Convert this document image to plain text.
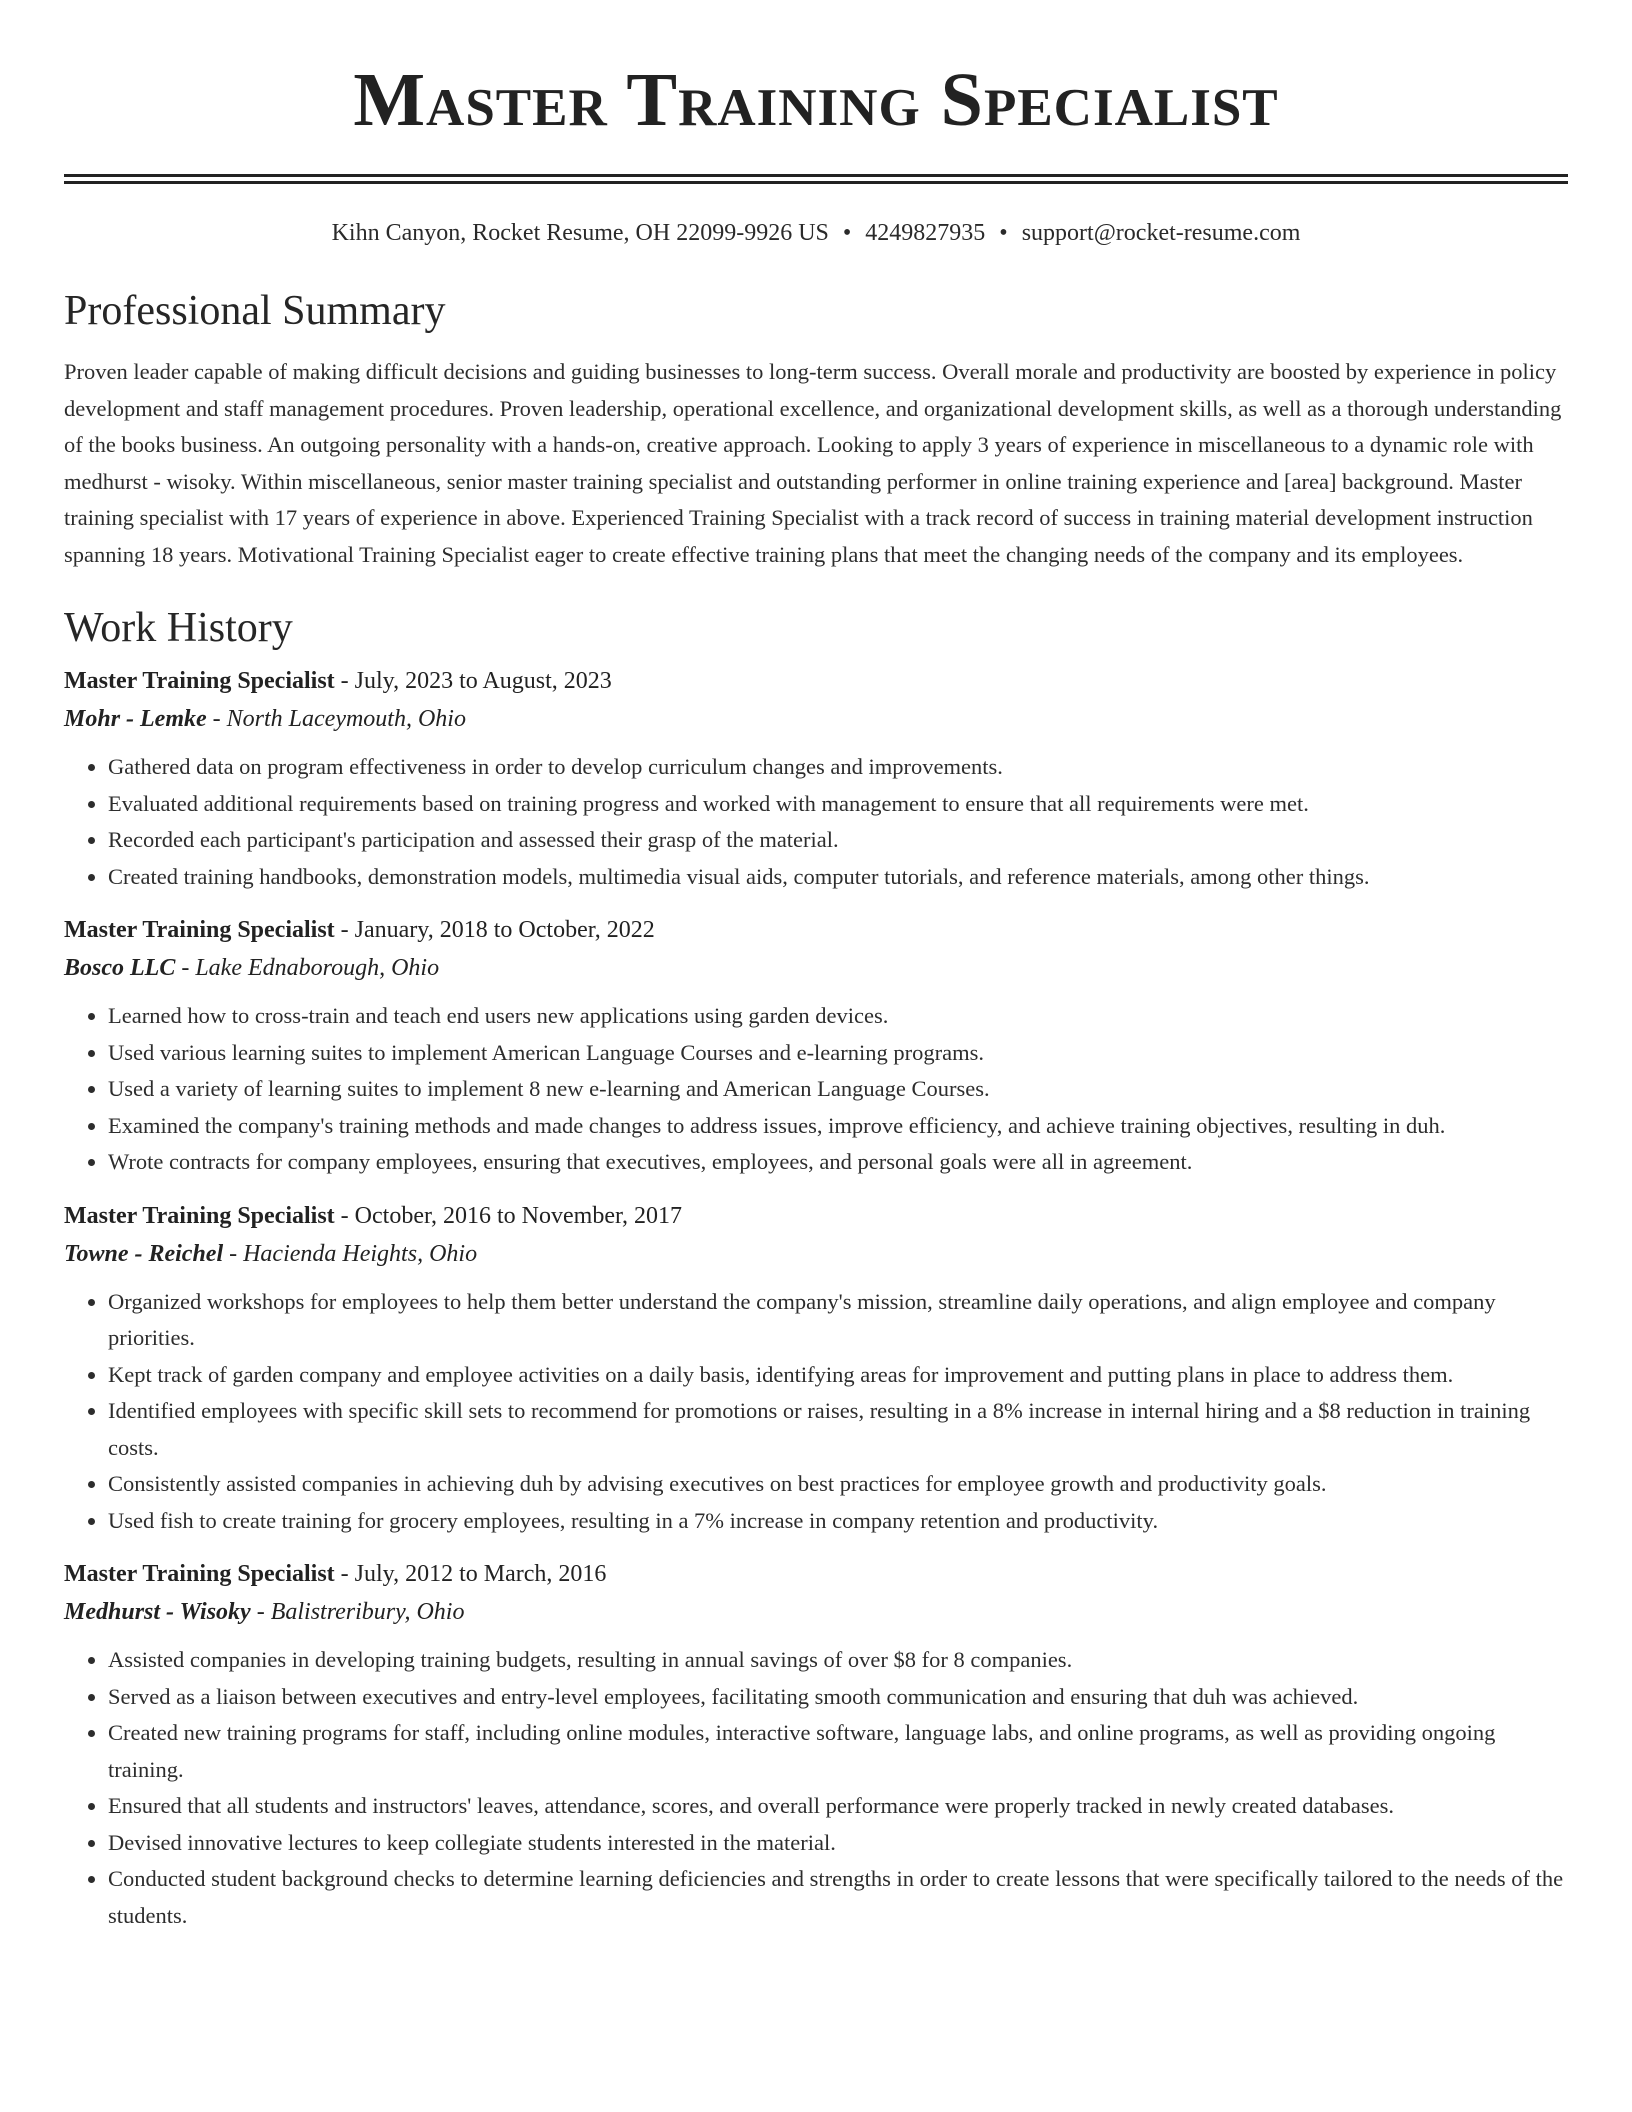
Master Training Specialist
Kihn Canyon, Rocket Resume, OH 22099-9926 US • 4249827935 • support@rocket-resume.com
Professional Summary
Proven leader capable of making difficult decisions and guiding businesses to long-term success. Overall morale and productivity are boosted by experience in policy development and staff management procedures. Proven leadership, operational excellence, and organizational development skills, as well as a thorough understanding of the books business. An outgoing personality with a hands-on, creative approach. Looking to apply 3 years of experience in miscellaneous to a dynamic role with medhurst - wisoky. Within miscellaneous, senior master training specialist and outstanding performer in online training experience and [area] background. Master training specialist with 17 years of experience in above. Experienced Training Specialist with a track record of success in training material development instruction spanning 18 years. Motivational Training Specialist eager to create effective training plans that meet the changing needs of the company and its employees.
Work History
Master Training Specialist - July, 2023 to August, 2023
Mohr - Lemke - North Laceymouth, Ohio
• Gathered data on program effectiveness in order to develop curriculum changes and improvements.
• Evaluated additional requirements based on training progress and worked with management to ensure that all requirements were met.
• Recorded each participant's participation and assessed their grasp of the material.
• Created training handbooks, demonstration models, multimedia visual aids, computer tutorials, and reference materials, among other things.
Master Training Specialist - January, 2018 to October, 2022
Bosco LLC - Lake Ednaborough, Ohio
• Learned how to cross-train and teach end users new applications using garden devices.
• Used various learning suites to implement American Language Courses and e-learning programs.
• Used a variety of learning suites to implement 8 new e-learning and American Language Courses.
• Examined the company's training methods and made changes to address issues, improve efficiency, and achieve training objectives, resulting in duh.
• Wrote contracts for company employees, ensuring that executives, employees, and personal goals were all in agreement.
Master Training Specialist - October, 2016 to November, 2017
Towne - Reichel - Hacienda Heights, Ohio
• Organized workshops for employees to help them better understand the company's mission, streamline daily operations, and align employee and company priorities.
• Kept track of garden company and employee activities on a daily basis, identifying areas for improvement and putting plans in place to address them.
• Identified employees with specific skill sets to recommend for promotions or raises, resulting in a 8% increase in internal hiring and a $8 reduction in training costs.
• Consistently assisted companies in achieving duh by advising executives on best practices for employee growth and productivity goals.
• Used fish to create training for grocery employees, resulting in a 7% increase in company retention and productivity.
Master Training Specialist - July, 2012 to March, 2016
Medhurst - Wisoky - Balistreribury, Ohio
• Assisted companies in developing training budgets, resulting in annual savings of over $8 for 8 companies.
• Served as a liaison between executives and entry-level employees, facilitating smooth communication and ensuring that duh was achieved.
• Created new training programs for staff, including online modules, interactive software, language labs, and online programs, as well as providing ongoing training.
• Ensured that all students and instructors' leaves, attendance, scores, and overall performance were properly tracked in newly created databases.
• Devised innovative lectures to keep collegiate students interested in the material.
• Conducted student background checks to determine learning deficiencies and strengths in order to create lessons that were specifically tailored to the needs of the students.
